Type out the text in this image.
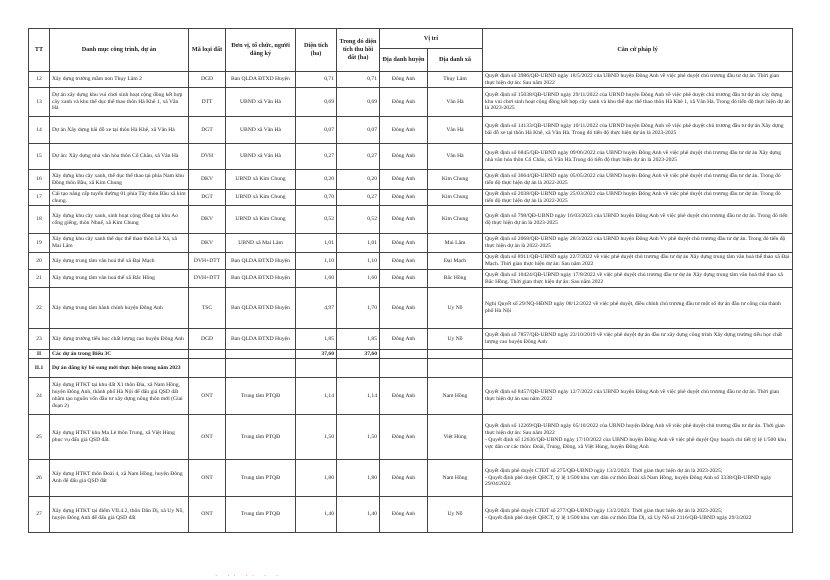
TT	Danh mục công trình, dự án	Mã loại đất	Đơn vị, tổ chức, người đăng ký	Diện tích (ha)	Trong đó diện tích thu hồi đất (ha)	Vị trí		Căn cứ pháp lý
						Địa danh huyện	Địa danh xã	
12	Xây dựng trường mầm non Thụy Lâm 2	DGD	Ban QLDA ĐTXD Huyện	0,71	0,71	Đông Anh	Thụy Lâm	Quyết định số 3986/QĐ-UBND ngày 18/5/2022 của UBND huyện Đông Anh về việc phê duyệt chủ trương đầu tư dự án. Thời gian thực hiện dự án: Sau năm 2022
13	Dự án xây dựng khu vui chơi sinh hoạt cộng đồng kết hợp cây xanh và khu thể dục thể thao thôn Hà Khê 1, xã Vân Hà	DTT	UBND xã Vân Hà	0,69	0,69	Đông Anh	Vân Hà	Quyết định số 15038/QĐ-UBND ngày 29/11/2022 của UBND huyện Đông Anh về việc phê duyệt chủ trương đầu tư dự án xây dựng khu vui chơi sinh hoạt cộng đồng kết hợp cây xanh và khu thể dục thể thao thôn Hà Khê 1, xã Vân Hà. Trong đó tiến độ thực hiện dự án là 2023-2025
14	Dự án Xây dựng bãi đỗ xe tại thôn Hà Khê, xã Vân Hà	DGT	UBND xã Vân Hà	0,07	0,07	Đông Anh	Vân Hà	Quyết định số 14133/QĐ-UBND ngày 10/11/2022 của UBND huyện Đông Anh về việc phê duyệt chủ trương đầu tư dự án Xây dựng bãi đỗ xe tại thôn Hà Khê, xã Vân Hà. Trong đó tiến độ thực hiện dự án là 2023-2025
15	Dự án: Xây dựng nhà văn hóa thôn Cổ Châu, xã Vân Hà	DVH	UBND xã Vân Hà	0,27	0,27	Đông Anh	Vân Hà	Quyết định số 6845/QĐ-UBND ngày 09/06/2022 của UBND huyện Đông Anh về việc phê duyệt chủ trương đầu tư dự án Xây dựng nhà văn hóa thôn Cổ Châu, xã Vân Hà.Trong đó tiến độ thực hiện dự án là 2023-2025
16	Xây dựng khu cây xanh, thể dục thể thao tại phía Nam khu Đồng thôn Bầu, xã Kim Chung	DKV	UBND xã Kim Chung	0,20	0,20	Đông Anh	Kim Chung	Quyết định số 3664/QĐ-UBND ngày 05/05/2022 của UBND huyện Đông Anh về việc phê duyệt chủ trương đầu tư dự án. Trong đó tiến độ thực hiện dự án là 2022-2025
17	Cải tạo nâng cấp tuyến đường 01 phía Tây thôn Bầu xã kim chung.	DGT	UBND xã Kim Chung	0,70	0,27	Đông Anh	Kim Chung	Quyết định số 2038/QĐ-UBND ngày 25/03/2022 của UBND huyện Đông Anh về việc phê duyệt chủ trương đầu tư dự án. Trong đó tiến độ thực hiện dự án là 2022-2025
18	Xây dựng khu cây xanh, sinh hoạt cộng đồng tại khu Ao cổng giếng, thôn Nhuế, xã Kim Chung	DKV	UBND xã Kim Chung	0,52	0,52	Đông Anh	Kim Chung	Quyết định số 798/QĐ-UBND ngày 16/03/2023 của UBND huyện Đông Anh về việc phê duyệt chủ trương đầu tư dự án. Trong đó tiến độ thực hiện dự án là 2023-2025
19	Xây dựng khu cây xanh thể dục thể thao thôn Lê Xá, xã Mai Lâm	DKV	UBND xã Mai Lâm	1,01	1,01	Đông Anh	Mai Lâm	Quyết định số 2068/QĐ-UBND ngày 28/3/2022 của UBND huyện Đông Anh Vv phê duyệt chủ trương đầu tư dự án. Trong đó tiến độ thực hiện dự án là 2022-2025
20	Xây dựng trung tâm văn hoá thể xã Đại Mạch	DVH+DTT	Ban QLDA ĐTXD Huyện	1,10	1,10	Đông Anh	Đại Mạch	Quyết định số 8911/QĐ-UBND ngày 22/7/2022 về việc phê duyệt chủ trương đầu tư dự án Xây dựng trung tâm văn hoá thể thao xã Đại Mạch. Thời gian thực hiện dự án: Sau năm 2022
21	Xây dựng trung tâm văn hoá thể xã Bắc Hồng	DVH+DTT	Ban QLDA ĐTXD Huyện	1,60	1,60	Đông Anh	Bắc Hồng	Quyết định số 10424/QĐ-UBND ngày 17/8/2022 về việc phê duyệt chủ trương đầu tư dự án Xây dựng trung tâm văn hoá thể thao xã Bắc Hồng. Thời gian thực hiện dự án: Sau năm 2022
22	Xây dựng trung tâm hành chính huyện Đông Anh	TSC	Ban QLDA ĐTXD Huyện	4,97	1,70	Đông Anh	Uy Nỗ	Nghị Quyết số 29/NQ-HĐND ngày 08/12/2022 về việc phê duyệt, điều chỉnh chủ trương đầu tư một số dự án đầu tư công của thành phố Hà Nội
23	Xây dựng trường tiểu học chất lượng cao huyện Đông Anh	DGD	Ban QLDA ĐTXD Huyện	1,85	1,85	Đông Anh	Uy Nỗ	Quyết định số 7857/QĐ-UBND ngày 23/10/2019 về việc phê duyệt dự án đầu tư xây dựng công trình Xây dựng trường tiểu học chất lượng cao huyện Đông Anh
II	Các dự án trong Biểu 3C			37,60	37,60			
II.1	Dự án đăng ký bổ sung mới thực hiện trong năm 2023							
24	Xây dựng HTKT tại khu đất X1 thôn Đìa, xã Nam Hồng, huyện Đông Anh, thành phố Hà Nội để đấu giá QSD đất nhằm tạo nguồn vốn đầu tư xây dựng nông thôn mới (Giai đoạn 2)	ONT	Trung tâm PTQĐ	1,14	1,14	Đông Anh	Nam Hồng	Quyết định số 8457/QĐ-UBND ngày 12/7/2022 của UBND huyện Đông Anh về việc phê duyệt chủ trương đầu tư dự án. Thời gian thực hiện dự án sau năm 2022
25	Xây dựng HTKT khu Ma Lẻ thôn Trung, xã Việt Hùng phục vụ đấu giá QSD đất.	ONT	Trung tâm PTQĐ	1,50	1,50	Đông Anh	Việt Hùng	Quyết định số 12269/QĐ-UBND ngày 05/10/2022 của UBND huyện Đông Anh về việc phê duyệt chủ trương đầu tư dự án. Thời gian thực hiện dự án: Sau năm 2022
- Quyết định số 12636/QĐ-UBND ngày 17/10/2022 của UBND huyện Đông Anh về việc phê duyệt Quy hoạch chi tiết tỷ lệ 1/500 khu vực dân cư các thôn: Đoài, Trung, Đông, xã Việt Hùng, huyện Đông Anh
26	Xây dựng HTKT thôn Đoài 4, xã Nam Hồng, huyện Đông Anh để đấu giá QSD đất	ONT	Trung tâm PTQĐ	1,80	1,80	Đông Anh	Nam Hồng	Quyết định phê duyệt CTĐT số 275/QĐ-UBND ngày 13/2/2023. Thời gian thực hiện dự án là 2023-2025;
- Quyết định phê duyệt QHCT, tỷ lệ 1/500 khu vực dân cư thôn Đoài xã Nam Hồng, huyện Đông Anh số 3338/QĐ-UBND ngày 29/04/2022
27	Xây dựng HTKT tại điểm VII.4.2, thôn Dân Dị, xã Uy Nỗ, huyện Đông Anh để đấu giá QSD đất	ONT	Trung tâm PTQĐ	1,40	1,40	Đông Anh	Uy Nỗ	Quyết định phê duyệt CTĐT số 277/QĐ-UBND ngày 13/2/2023. Thời gian thực hiện dự án là 2023-2025;
- Quyết định phê duyệt QHCT, tỷ lệ 1/500 khu vực dân cư thôn Dân Dị, xã Uy Nỗ số 2116/QĐ-UBND ngày 29/3/2022
· ·· ·· · ·
